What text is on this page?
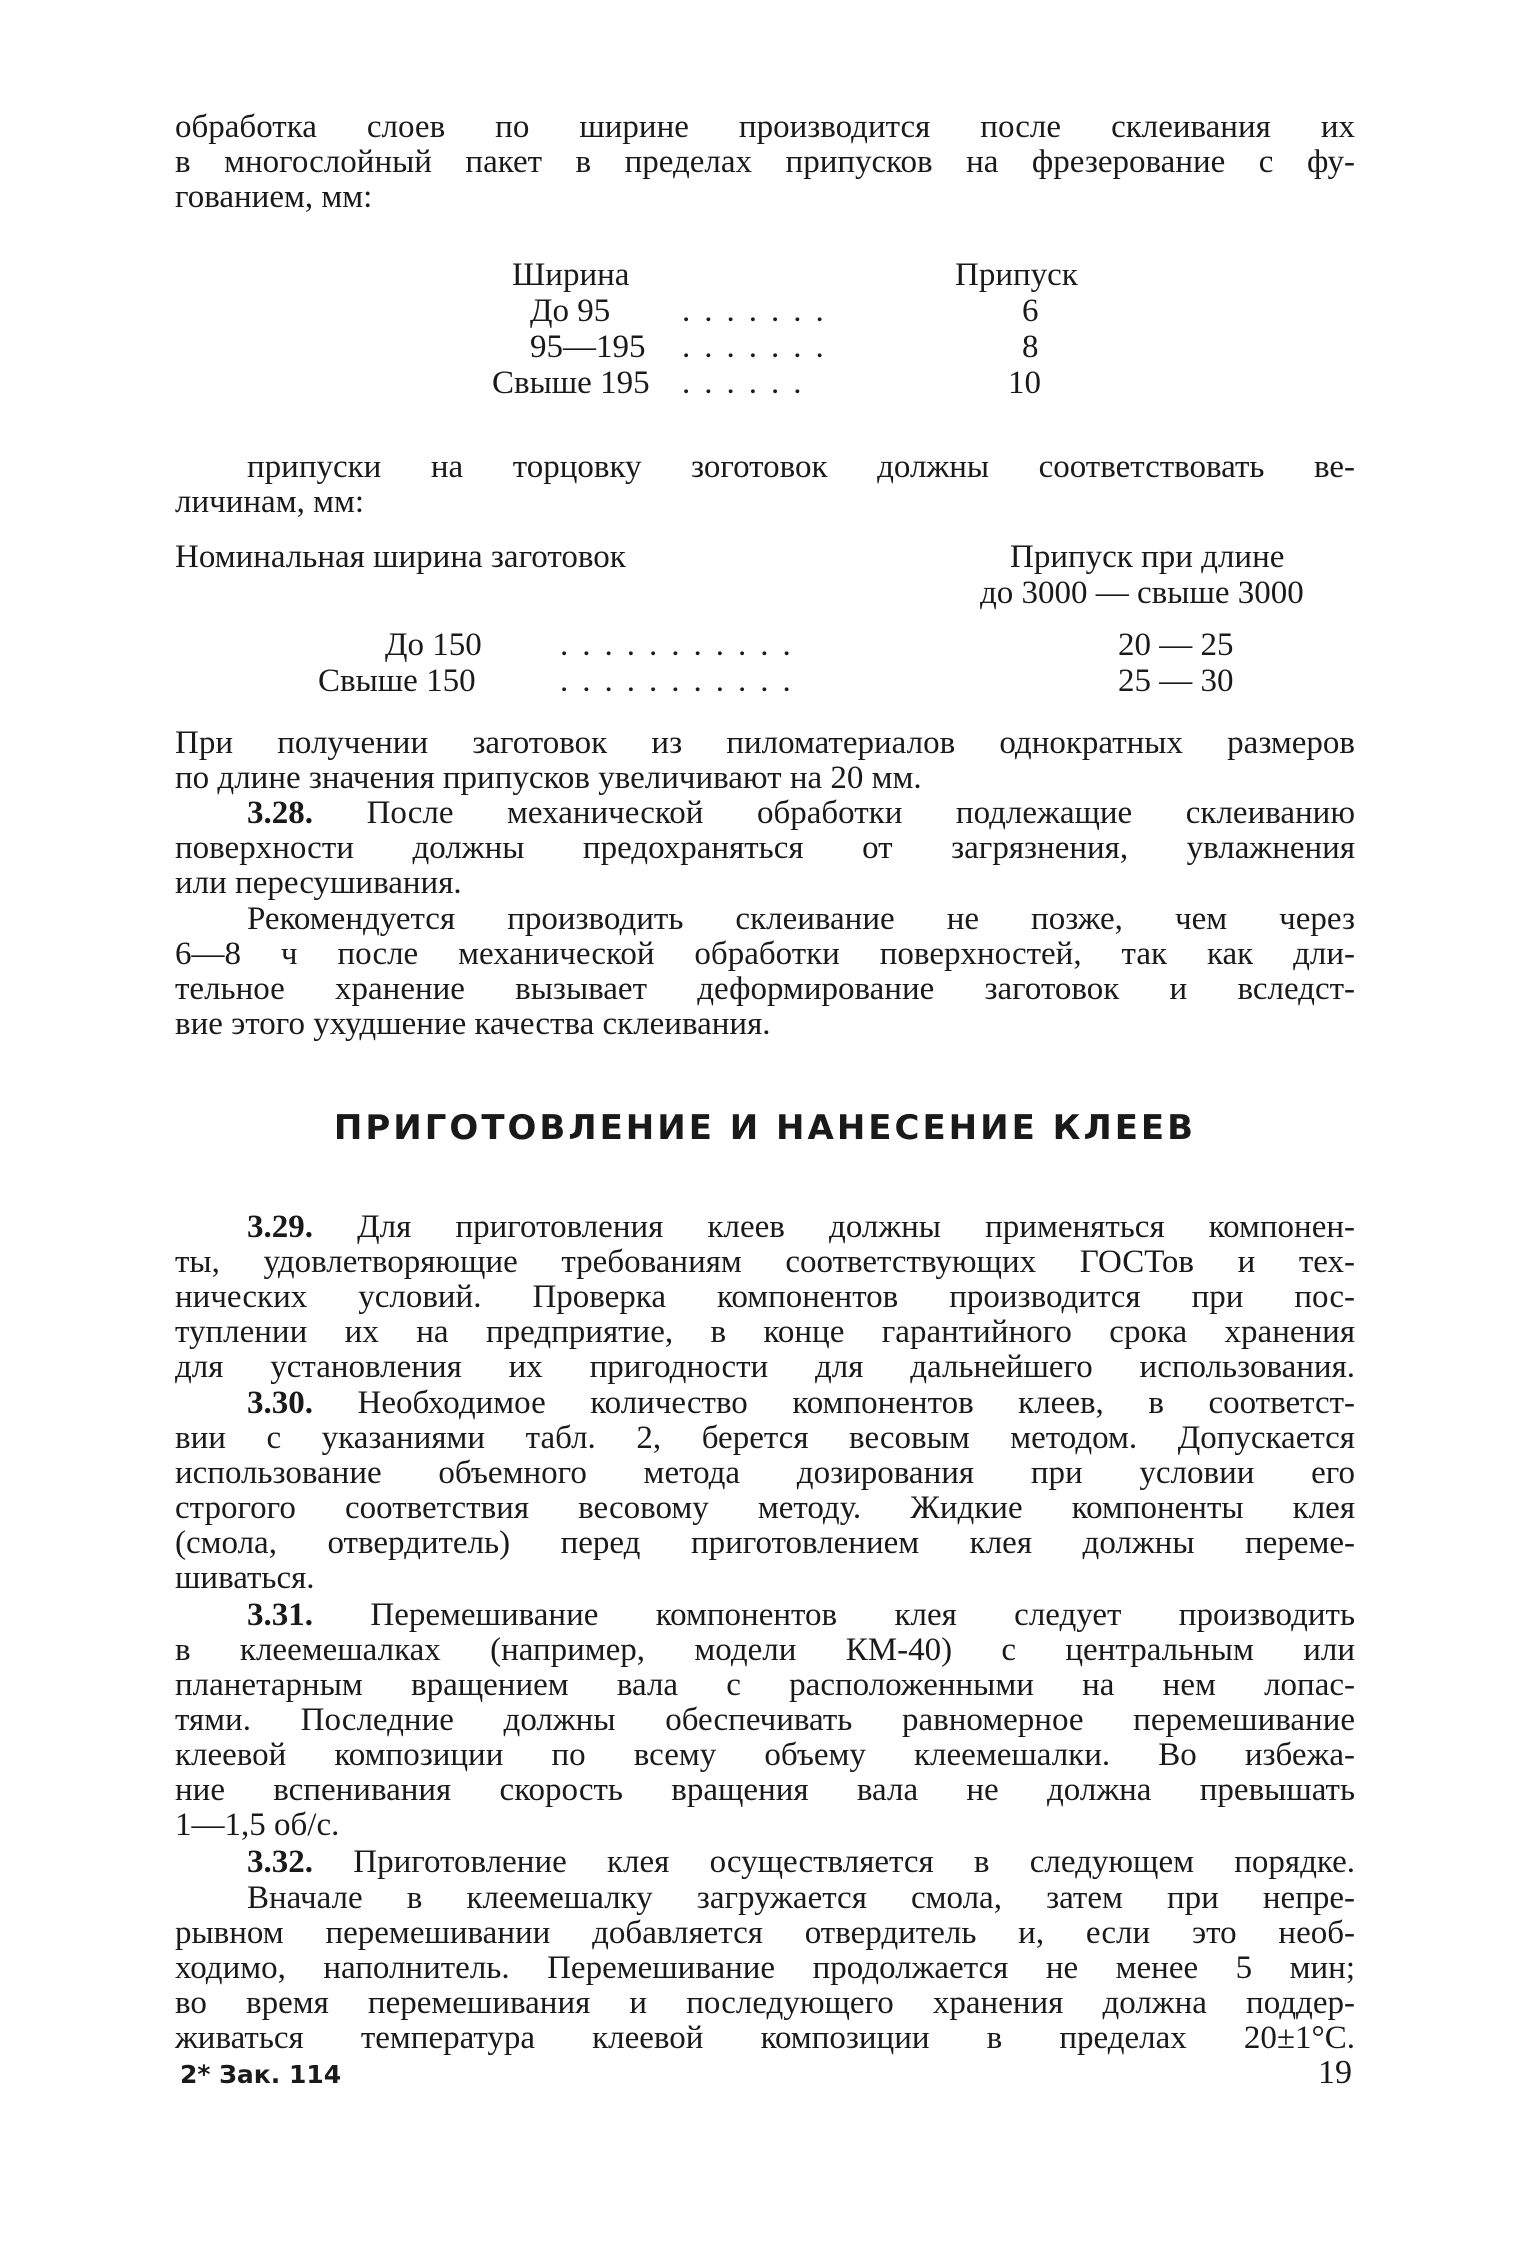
обработка слоев по ширине производится после склеивания их
в многослойный пакет в пределах припусков на фрезерование с фу-
гованием, мм:
Ширина	Припуск
До 95 .......	6
95—195 .......	8
Свыше 195 ......	10
припуски на торцовку зоготовок должны соответствовать ве-
личинам, мм:
Номинальная ширина заготовок	Припуск при длине
до 3000 — свыше 3000
До 150 ...........	20 — 25
Свыше 150	...........	25 — 30
При получении заготовок из пиломатериалов однократных размеров
по длине значения припусков увеличивают на 20 мм.
3.28. После механической обработки подлежащие склеиванию
поверхности должны предохраняться от загрязнения, увлажнения
или пересушивания.
Рекомендуется производить склеивание не позже, чем через
6—8 ч после механической обработки поверхностей, так как дли-
тельное хранение вызывает деформирование заготовок и вследст-
вие этого ухудшение качества склеивания.
ПРИГОТОВЛЕНИЕ И НАНЕСЕНИЕ КЛЕЕВ
3.29. Для приготовления клеев должны применяться компонен-
ты, удовлетворяющие требованиям соответствующих ГОСТов и тех-
нических условий. Проверка компонентов производится при пос-
туплении их на предприятие, в конце гарантийного срока хранения
для установления их пригодности для дальнейшего использования.
3.30. Необходимое количество компонентов клеев, в соответст-
вии с указаниями табл. 2, берется весовым методом. Допускается
использование объемного метода дозирования при условии его
строгого соответствия весовому методу. Жидкие компоненты клея
(смола, отвердитель) перед приготовлением клея должны переме-
шиваться.
3.31. Перемешивание компонентов клея следует производить
в клеемешалках (например, модели КМ-40) с центральным или
планетарным вращением вала с расположенными на нем лопас-
тями. Последние должны обеспечивать равномерное перемешивание
клеевой композиции по всему объему клеемешалки. Во избежа-
ние вспенивания скорость вращения вала не должна превышать
1—1,5 об/с.
3.32. Приготовление клея осуществляется в следующем порядке.
Вначале в клеемешалку загружается смола, затем при непре-
рывном перемешивании добавляется отвердитель и, если это необ-
ходимо, наполнитель. Перемешивание продолжается не менее 5 мин;
во время перемешивания и последующего хранения должна поддер-
живаться температура клеевой композиции в пределах 20±1°С.
2* Зак. 114	19
